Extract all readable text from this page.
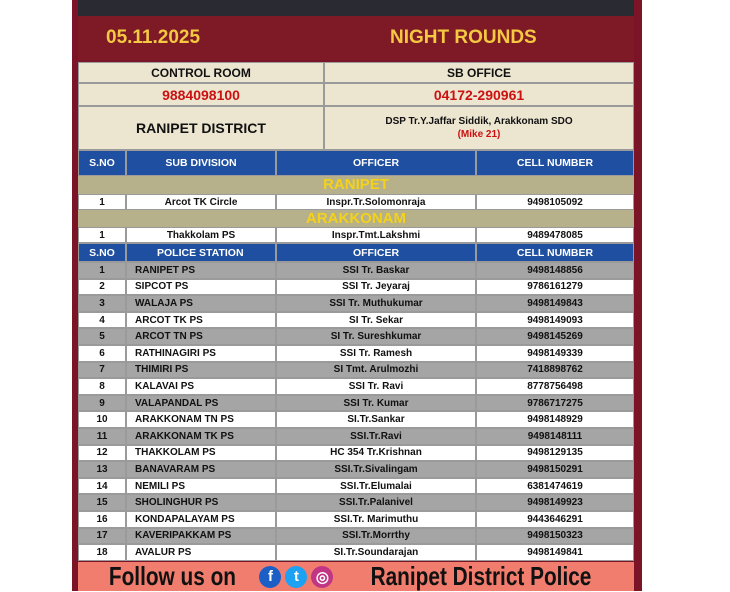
05.11.2025	NIGHT ROUNDS
CONTROL ROOM	SB OFFICE
9884098100	04172-290961
RANIPET DISTRICT	DSP Tr.Y.Jaffar Siddik, Arakkonam SDO
(Mike 21)
S.NO	SUB DIVISION	OFFICER	CELL NUMBER
RANIPET
1	Arcot TK Circle	Inspr.Tr.Solomonraja	9498105092
ARAKKONAM
1	Thakkolam PS	Inspr.Tmt.Lakshmi	9489478085
S.NO	POLICE STATION	OFFICER	CELL NUMBER
1	RANIPET PS	SSI Tr. Baskar	9498148856
2	SIPCOT PS	SSI Tr. Jeyaraj	9786161279
3	WALAJA PS	SSI Tr. Muthukumar	9498149843
4	ARCOT TK PS	SI Tr. Sekar	9498149093
5	ARCOT TN PS	SI Tr. Sureshkumar	9498145269
6	RATHINAGIRI PS	SSI Tr. Ramesh	9498149339
7	THIMIRI PS	SI Tmt. Arulmozhi	7418898762
8	KALAVAI PS	SSI Tr. Ravi	8778756498
9	VALAPANDAL PS	SSI Tr. Kumar	9786717275
10	ARAKKONAM TN PS	SI.Tr.Sankar	9498148929
11	ARAKKONAM TK PS	SSI.Tr.Ravi	9498148111
12	THAKKOLAM PS	HC 354 Tr.Krishnan	9498129135
13	BANAVARAM PS	SSI.Tr.Sivalingam	9498150291
14	NEMILI PS	SSI.Tr.Elumalai	6381474619
15	SHOLINGHUR PS	SSI.Tr.Palanivel	9498149923
16	KONDAPALAYAM PS	SSI.Tr. Marimuthu	9443646291
17	KAVERIPAKKAM PS	SSI.Tr.Morrthy	9498150323
18	AVALUR PS	SI.Tr.Soundarajan	9498149841
Follow us on	f	t	◎ Ranipet District Police
